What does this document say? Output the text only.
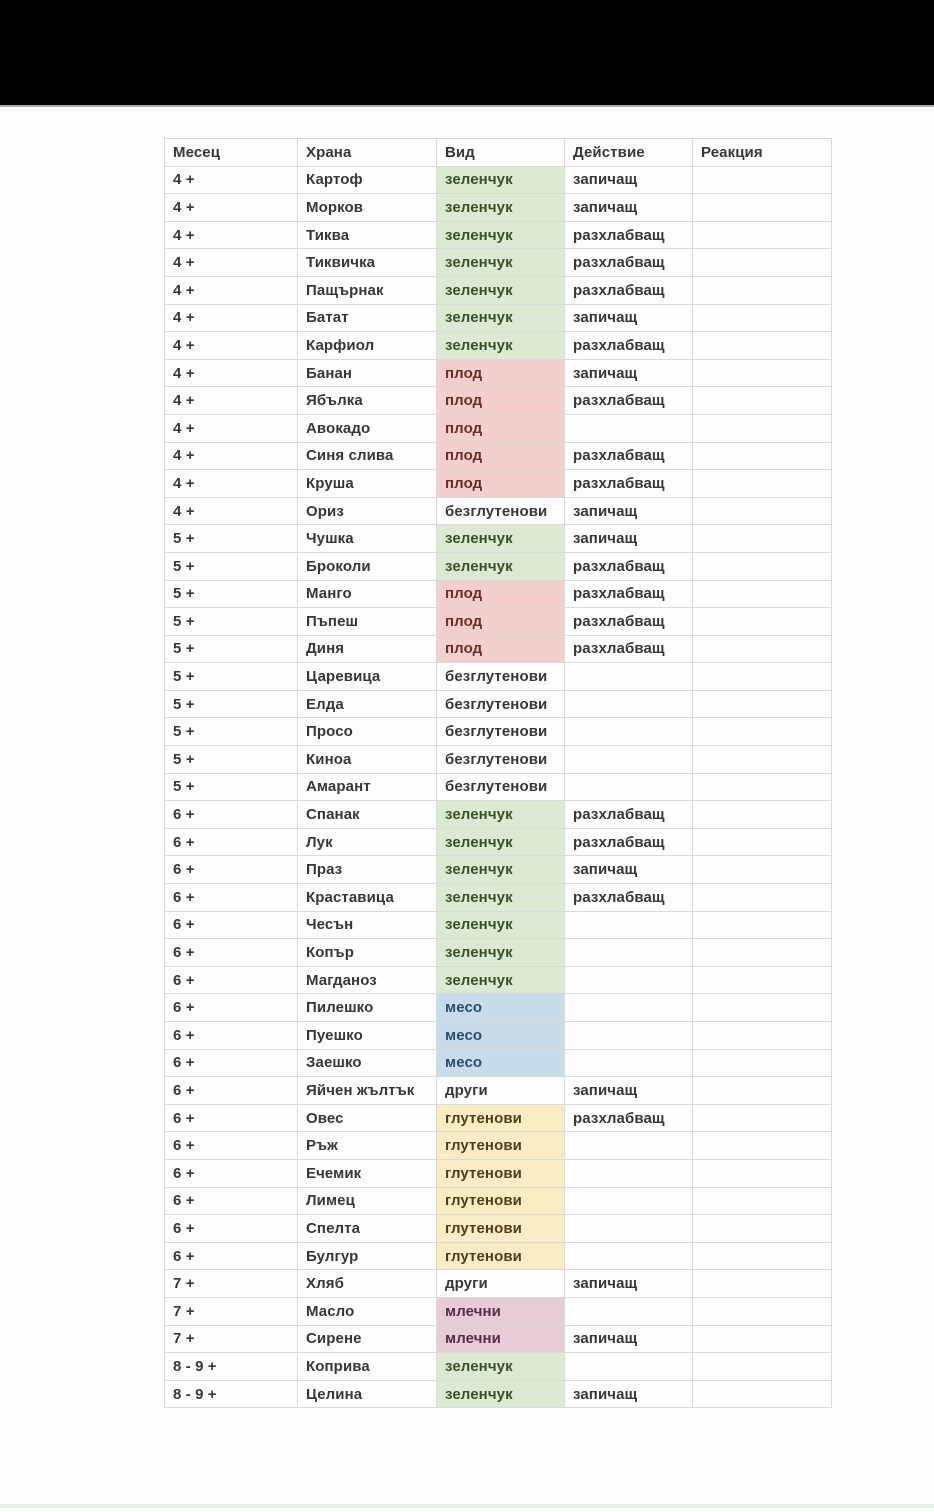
Месец	Храна	Вид	Действие	Реакция
4 +	Картоф	зеленчук	запичащ	
4 +	Морков	зеленчук	запичащ	
4 +	Тиква	зеленчук	разхлабващ	
4 +	Тиквичка	зеленчук	разхлабващ	
4 +	Пащърнак	зеленчук	разхлабващ	
4 +	Батат	зеленчук	запичащ	
4 +	Карфиол	зеленчук	разхлабващ	
4 +	Банан	плод	запичащ	
4 +	Ябълка	плод	разхлабващ	
4 +	Авокадо	плод		
4 +	Синя слива	плод	разхлабващ	
4 +	Круша	плод	разхлабващ	
4 +	Ориз	безглутенови	запичащ	
5 +	Чушка	зеленчук	запичащ	
5 +	Броколи	зеленчук	разхлабващ	
5 +	Манго	плод	разхлабващ	
5 +	Пъпеш	плод	разхлабващ	
5 +	Диня	плод	разхлабващ	
5 +	Царевица	безглутенови		
5 +	Елда	безглутенови		
5 +	Просо	безглутенови		
5 +	Киноа	безглутенови		
5 +	Амарант	безглутенови		
6 +	Спанак	зеленчук	разхлабващ	
6 +	Лук	зеленчук	разхлабващ	
6 +	Праз	зеленчук	запичащ	
6 +	Краставица	зеленчук	разхлабващ	
6 +	Чесън	зеленчук		
6 +	Копър	зеленчук		
6 +	Магданоз	зеленчук		
6 +	Пилешко	месо		
6 +	Пуешко	месо		
6 +	Заешко	месо		
6 +	Яйчен жълтък	други	запичащ	
6 +	Овес	глутенови	разхлабващ	
6 +	Ръж	глутенови		
6 +	Ечемик	глутенови		
6 +	Лимец	глутенови		
6 +	Спелта	глутенови		
6 +	Булгур	глутенови		
7 +	Хляб	други	запичащ	
7 +	Масло	млечни		
7 +	Сирене	млечни	запичащ	
8 - 9 +	Коприва	зеленчук		
8 - 9 +	Целина	зеленчук	запичащ	
